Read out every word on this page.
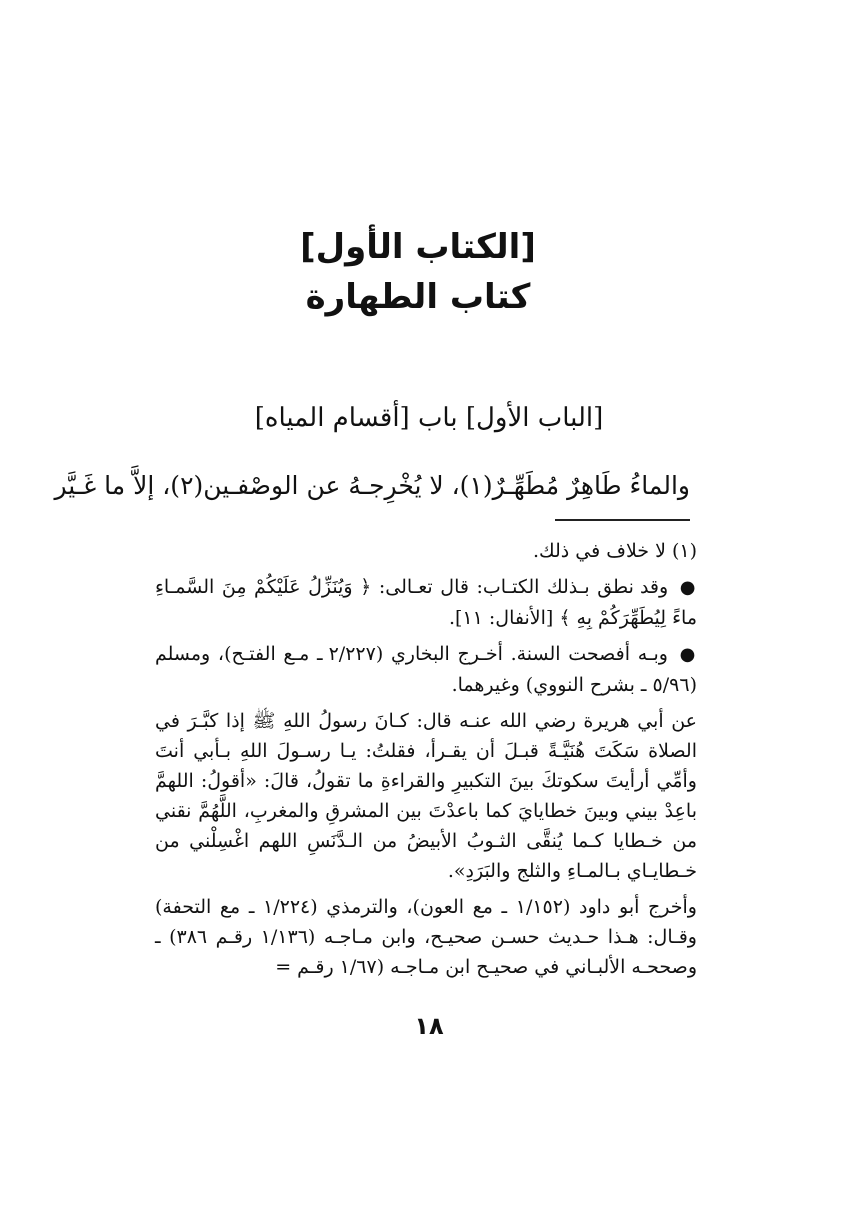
[الكتاب الأول]
كتاب الطهارة
[الباب الأول] باب [أقسام المياه]
والماءُ طَاهِرٌ مُطَهِّـرٌ(١)، لا يُخْرِجـهُ عن الوصْفـين(٢)، إلاَّ ما غَـيَّر

(١) لا خلاف في ذلك.

● وقد نطق بـذلك الكتـاب: قال تعـالى: ﴿ وَيُنَزِّلُ عَلَيْكُمْ مِنَ السَّمـاءِ ماءً لِيُطَهِّرَكُمْ بِهِ ﴾ [الأنفال: ١١].

● وبـه أفصحت السنة. أخـرج البخاري (٢/٢٢٧ ـ مـع الفتـح)، ومسلم (٥/٩٦ ـ بشرح النووي) وغيرهما.

عن أبي هريرة رضي الله عنـه قال: كـانَ رسولُ اللهِ ﷺ إذا كبَّـرَ في الصلاة سَكَتَ هُنَيَّـةً قبـلَ أن يقـرأ، فقلتُ: يـا رسـولَ اللهِ بـأبي أنتَ وأمِّي أرأيتَ سكوتكَ بينَ التكبيرِ والقراءةِ ما تقولُ، قالَ: «أقولُ: اللهمَّ باعِدْ بيني وبينَ خطايايَ كما باعدْتَ بين المشرقِ والمغربِ، اللَّهُمَّ نقني من خـطايا كـما يُنقَّى الثـوبُ الأبيضُ من الـدَّنَسِ اللهم اغْسِلْني من خـطايـاي بـالمـاءِ والثلج والبَرَدِ».

وأخرج أبو داود (١/١٥٢ ـ مع العون)، والترمذي (١/٢٢٤ ـ مع التحفة) وقـال: هـذا حـديث حسـن صحيـح، وابن مـاجـه (١/١٣٦ رقـم ٣٨٦) ـ وصححـه الألبـاني في صحيـح ابن مـاجـه (١/٦٧ رقـم =

١٨
